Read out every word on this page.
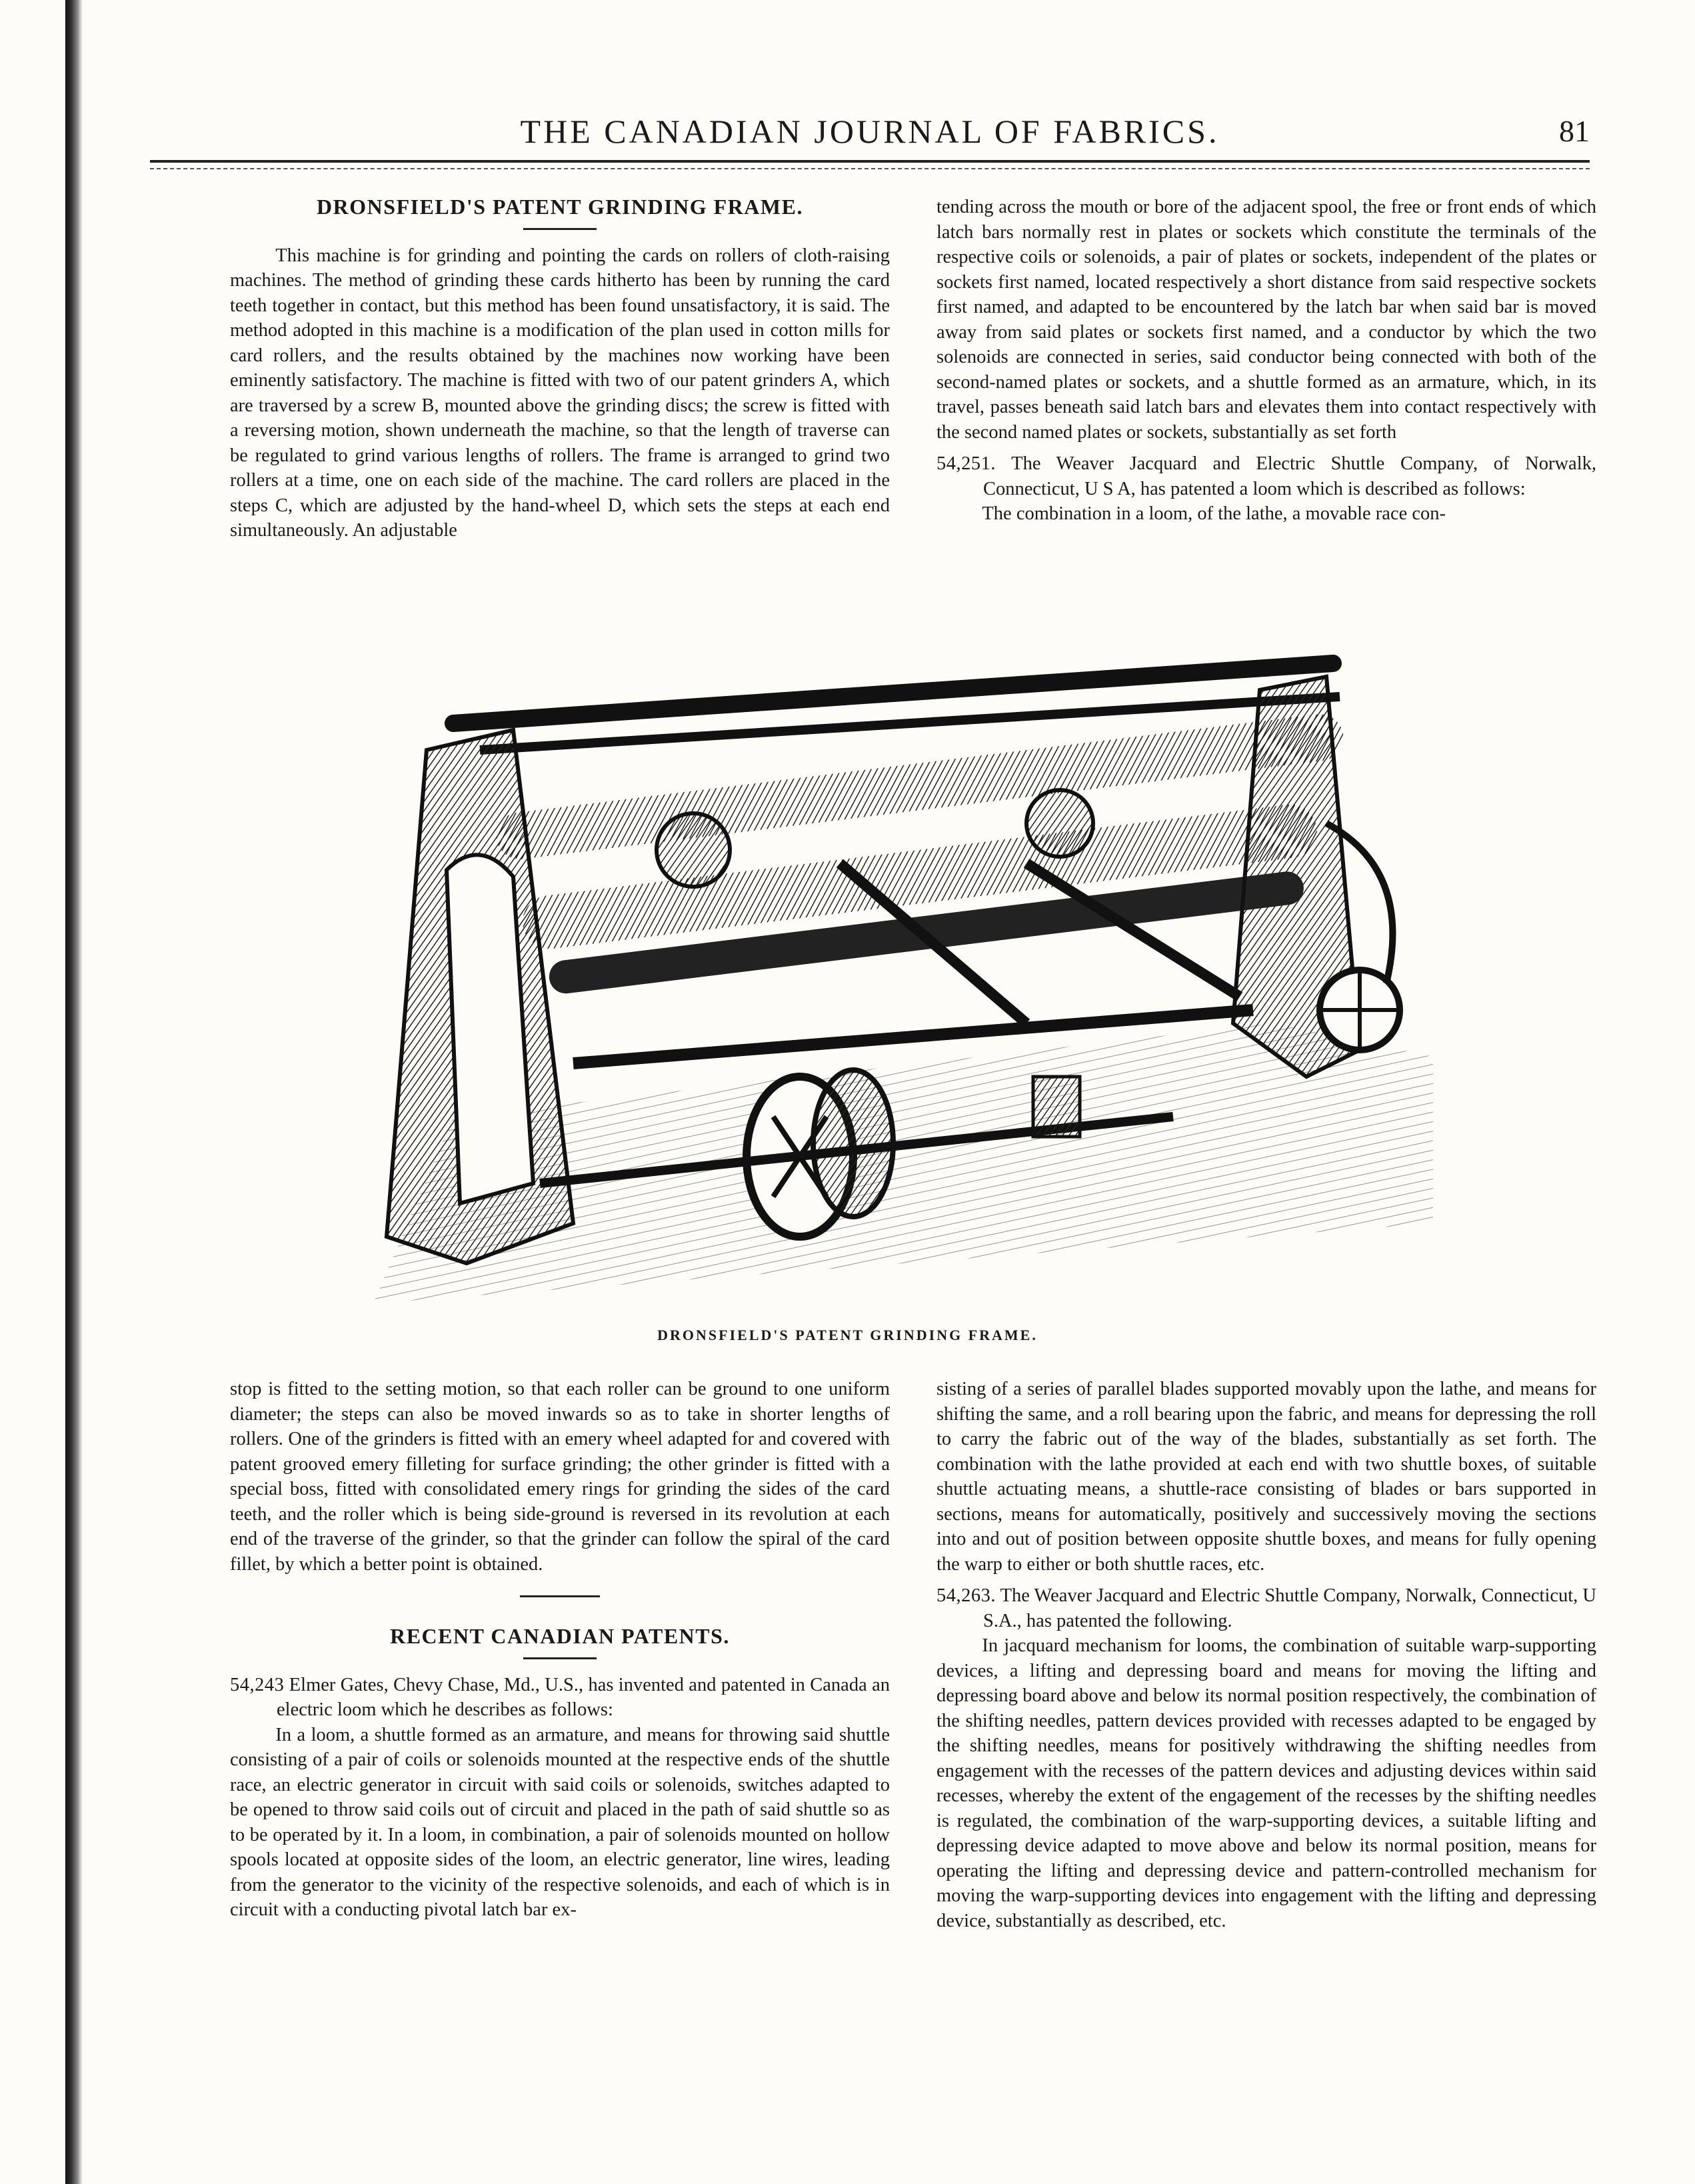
THE CANADIAN JOURNAL OF FABRICS.	81

DRONSFIELD'S PATENT GRINDING FRAME.

This machine is for grinding and pointing the cards on rollers of cloth-raising machines. The method of grinding these cards hitherto has been by running the card teeth together in contact, but this method has been found unsatisfactory, it is said. The method adopted in this machine is a modification of the plan used in cotton mills for card rollers, and the results obtained by the machines now working have been eminently satisfactory. The machine is fitted with two of our patent grinders A, which are traversed by a screw B, mounted above the grinding discs; the screw is fitted with a reversing motion, shown underneath the machine, so that the length of traverse can be regulated to grind various lengths of rollers. The frame is arranged to grind two rollers at a time, one on each side of the machine. The card rollers are placed in the steps C, which are adjusted by the hand-wheel D, which sets the steps at each end simultaneously. An adjustable

tending across the mouth or bore of the adjacent spool, the free or front ends of which latch bars normally rest in plates or sockets which constitute the terminals of the respective coils or solenoids, a pair of plates or sockets, independent of the plates or sockets first named, located respectively a short distance from said respective sockets first named, and adapted to be encountered by the latch bar when said bar is moved away from said plates or sockets first named, and a conductor by which the two solenoids are connected in series, said conductor being connected with both of the second-named plates or sockets, and a shuttle formed as an armature, which, in its travel, passes beneath said latch bars and elevates them into contact respectively with the second named plates or sockets, substantially as set forth

54,251. The Weaver Jacquard and Electric Shuttle Company, of Norwalk, Connecticut, U S A, has patented a loom which is described as follows:

The combination in a loom, of the lathe, a movable race con-

DRONSFIELD'S PATENT GRINDING FRAME.

stop is fitted to the setting motion, so that each roller can be ground to one uniform diameter; the steps can also be moved inwards so as to take in shorter lengths of rollers. One of the grinders is fitted with an emery wheel adapted for and covered with patent grooved emery filleting for surface grinding; the other grinder is fitted with a special boss, fitted with consolidated emery rings for grinding the sides of the card teeth, and the roller which is being side-ground is reversed in its revolution at each end of the traverse of the grinder, so that the grinder can follow the spiral of the card fillet, by which a better point is obtained.

RECENT CANADIAN PATENTS.

54,243 Elmer Gates, Chevy Chase, Md., U.S., has invented and patented in Canada an electric loom which he describes as follows:

In a loom, a shuttle formed as an armature, and means for throwing said shuttle consisting of a pair of coils or solenoids mounted at the respective ends of the shuttle race, an electric generator in circuit with said coils or solenoids, switches adapted to be opened to throw said coils out of circuit and placed in the path of said shuttle so as to be operated by it. In a loom, in combination, a pair of solenoids mounted on hollow spools located at opposite sides of the loom, an electric generator, line wires, leading from the generator to the vicinity of the respective solenoids, and each of which is in circuit with a conducting pivotal latch bar ex-

sisting of a series of parallel blades supported movably upon the lathe, and means for shifting the same, and a roll bearing upon the fabric, and means for depressing the roll to carry the fabric out of the way of the blades, substantially as set forth. The combination with the lathe provided at each end with two shuttle boxes, of suitable shuttle actuating means, a shuttle-race consisting of blades or bars supported in sections, means for automatically, positively and successively moving the sections into and out of position between opposite shuttle boxes, and means for fully opening the warp to either or both shuttle races, etc.

54,263. The Weaver Jacquard and Electric Shuttle Company, Norwalk, Connecticut, U S.A., has patented the following.

In jacquard mechanism for looms, the combination of suitable warp-supporting devices, a lifting and depressing board and means for moving the lifting and depressing board above and below its normal position respectively, the combination of the shifting needles, pattern devices provided with recesses adapted to be engaged by the shifting needles, means for positively withdrawing the shifting needles from engagement with the recesses of the pattern devices and adjusting devices within said recesses, whereby the extent of the engagement of the recesses by the shifting needles is regulated, the combination of the warp-supporting devices, a suitable lifting and depressing device adapted to move above and below its normal position, means for operating the lifting and depressing device and pattern-controlled mechanism for moving the warp-supporting devices into engagement with the lifting and depressing device, substantially as described, etc.
